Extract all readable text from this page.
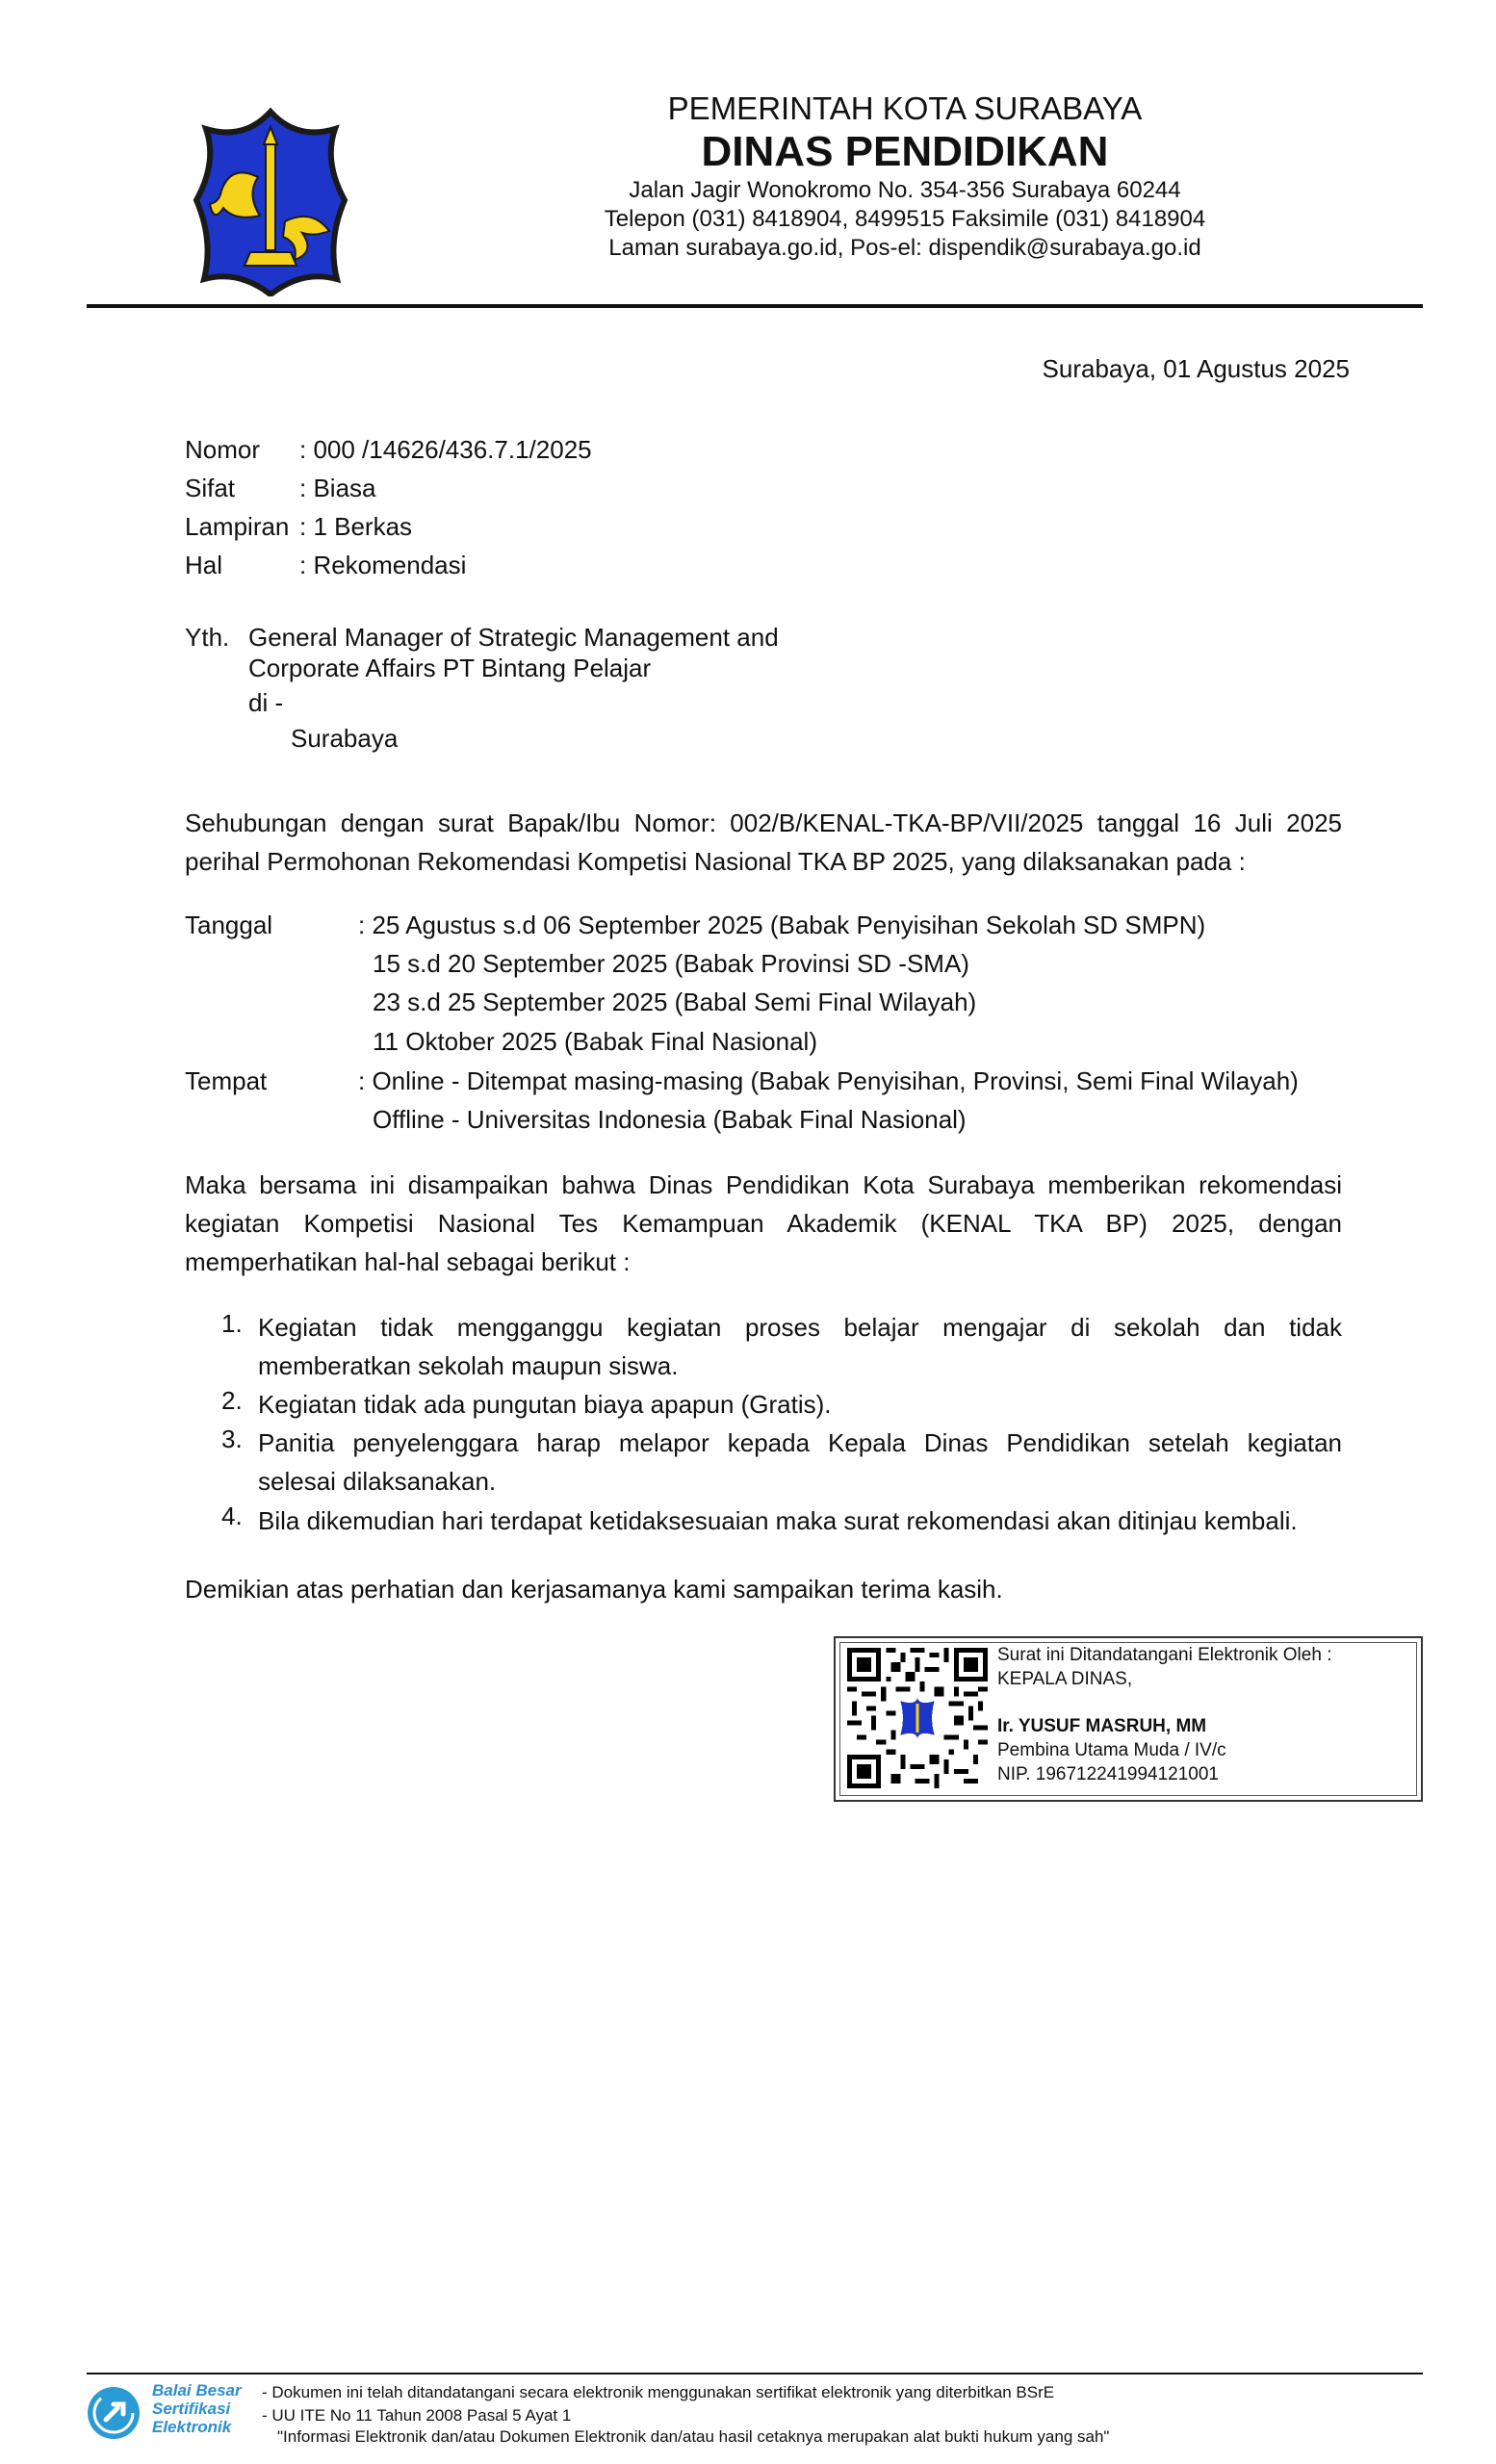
PEMERINTAH KOTA SURABAYA
DINAS PENDIDIKAN
Jalan Jagir Wonokromo No. 354-356 Surabaya 60244
Telepon (031) 8418904, 8499515 Faksimile (031) 8418904
Laman surabaya.go.id, Pos-el: dispendik@surabaya.go.id
Surabaya, 01 Agustus 2025
Nomor : 000 /14626/436.7.1/2025
Sifat	: Biasa
Lampiran : 1 Berkas
Hal	: Rekomendasi
Yth. General Manager of Strategic Management and
Corporate Affairs PT Bintang Pelajar
di -
Surabaya
Sehubungan dengan surat Bapak/Ibu Nomor: 002/B/KENAL-TKA-BP/VII/2025 tanggal 16 Juli 2025
perihal Permohonan Rekomendasi Kompetisi Nasional TKA BP 2025, yang dilaksanakan pada :
Tanggal	: 25 Agustus s.d 06 September 2025 (Babak Penyisihan Sekolah SD SMPN)
15 s.d 20 September 2025 (Babak Provinsi SD -SMA)
23 s.d 25 September 2025 (Babal Semi Final Wilayah)
11 Oktober 2025 (Babak Final Nasional)
Tempat	: Online - Ditempat masing-masing (Babak Penyisihan, Provinsi, Semi Final Wilayah)
Offline - Universitas Indonesia (Babak Final Nasional)
Maka bersama ini disampaikan bahwa Dinas Pendidikan Kota Surabaya memberikan rekomendasi
kegiatan Kompetisi Nasional Tes Kemampuan Akademik (KENAL TKA BP) 2025, dengan
memperhatikan hal-hal sebagai berikut :
1. Kegiatan tidak mengganggu kegiatan proses belajar mengajar di sekolah dan tidak
memberatkan sekolah maupun siswa.
2. Kegiatan tidak ada pungutan biaya apapun (Gratis).
3. Panitia penyelenggara harap melapor kepada Kepala Dinas Pendidikan setelah kegiatan
selesai dilaksanakan.
4. Bila dikemudian hari terdapat ketidaksesuaian maka surat rekomendasi akan ditinjau kembali.
Demikian atas perhatian dan kerjasamanya kami sampaikan terima kasih.
Surat ini Ditandatangani Elektronik Oleh :
KEPALA DINAS,
Ir. YUSUF MASRUH, MM
Pembina Utama Muda / IV/c
NIP. 196712241994121001
Balai Besar
Sertifikasi
Elektronik
- Dokumen ini telah ditandatangani secara elektronik menggunakan sertifikat elektronik yang diterbitkan BSrE
- UU ITE No 11 Tahun 2008 Pasal 5 Ayat 1
"Informasi Elektronik dan/atau Dokumen Elektronik dan/atau hasil cetaknya merupakan alat bukti hukum yang sah"
